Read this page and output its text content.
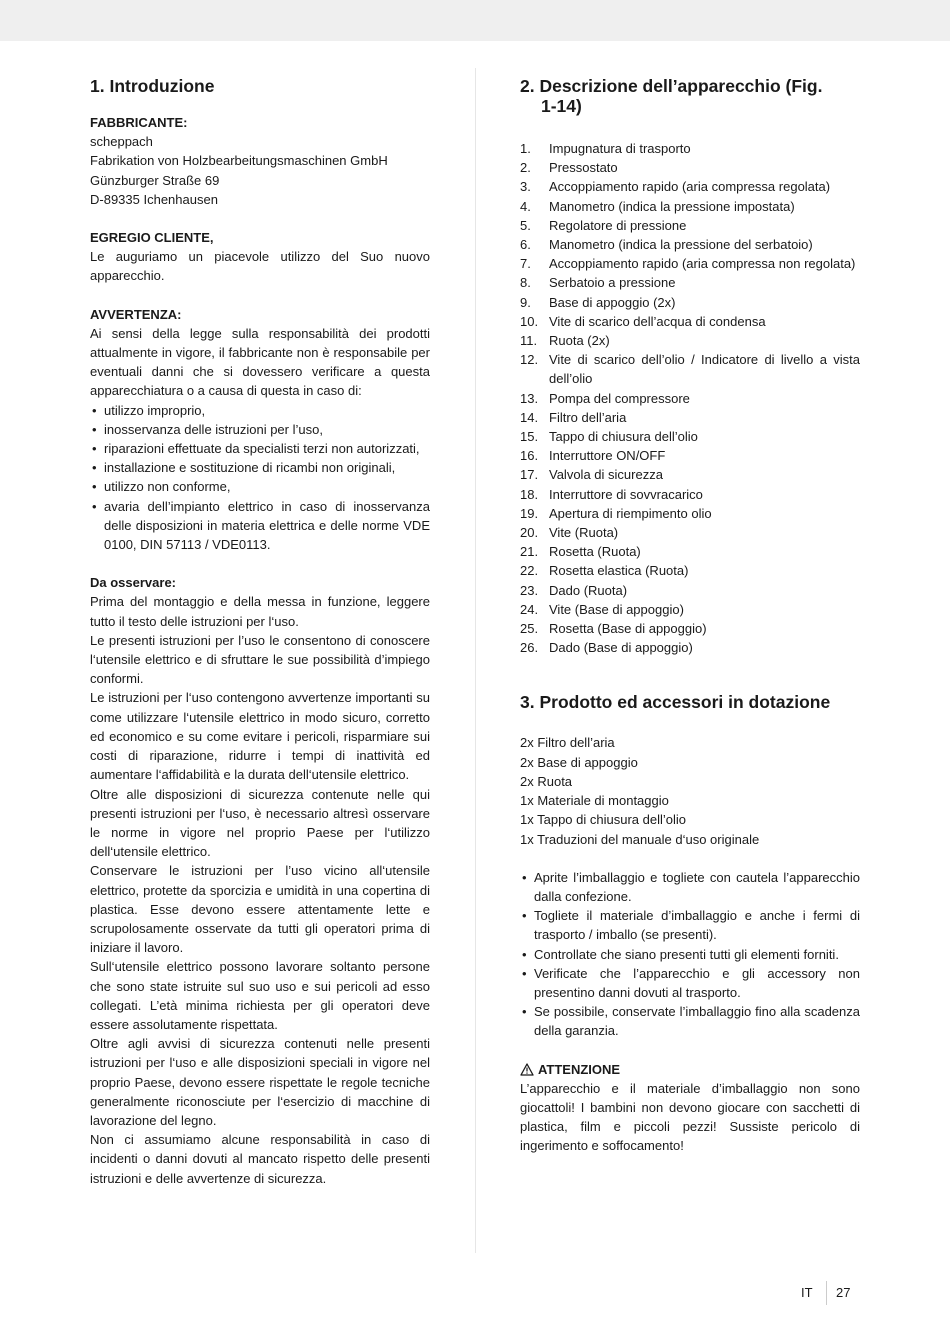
1. Introduzione
FABBRICANTE:
scheppach
Fabrikation von Holzbearbeitungsmaschinen GmbH
Günzburger Straße 69
D-89335 Ichenhausen
EGREGIO CLIENTE,

Le auguriamo un piacevole utilizzo del Suo nuovo apparecchio.

AVVERTENZA:

Ai sensi della legge sulla responsabilità dei prodotti attualmente in vigore, il fabbricante non è responsabile per eventuali danni che si dovessero verificare a questa apparecchiatura o a causa di questa in caso di:

• utilizzo improprio,
• inosservanza delle istruzioni per l’uso,
• riparazioni effettuate da specialisti terzi non autorizzati,
• installazione e sostituzione di ricambi non originali,
• utilizzo non conforme,
• avaria dell’impianto elettrico in caso di inosservanza delle disposizioni in materia elettrica e delle norme VDE 0100, DIN 57113 / VDE0113.
Da osservare:

Prima del montaggio e della messa in funzione, leggere tutto il testo delle istruzioni per l‘uso.

Le presenti istruzioni per l’uso le consentono di conoscere l‘utensile elettrico e di sfruttare le sue possibilità d’impiego conformi.

Le istruzioni per l‘uso contengono avvertenze importanti su come utilizzare l‘utensile elettrico in modo sicuro, corretto ed economico e su come evitare i pericoli, risparmiare sui costi di riparazione, ridurre i tempi di inattività ed aumentare l‘affidabilità e la durata dell‘utensile elettrico.

Oltre alle disposizioni di sicurezza contenute nelle qui presenti istruzioni per l‘uso, è necessario altresì osservare le norme in vigore nel proprio Paese per l‘utilizzo dell‘utensile elettrico.

Conservare le istruzioni per l’uso vicino all‘utensile elettrico, protette da sporcizia e umidità in una copertina di plastica. Esse devono essere attentamente lette e scrupolosamente osservate da tutti gli operatori prima di iniziare il lavoro.

Sull‘utensile elettrico possono lavorare soltanto persone che sono state istruite sul suo uso e sui pericoli ad esso collegati. L’età minima richiesta per gli operatori deve essere assolutamente rispettata.

Oltre agli avvisi di sicurezza contenuti nelle presenti istruzioni per l‘uso e alle disposizioni speciali in vigore nel proprio Paese, devono essere rispettate le regole tecniche generalmente riconosciute per l‘esercizio di macchine di lavorazione del legno.

Non ci assumiamo alcune responsabilità in caso di incidenti o danni dovuti al mancato rispetto delle presenti istruzioni e delle avvertenze di sicurezza.

2. Descrizione dell’apparecchio (Fig.
1-14)
1. Impugnatura di trasporto
2. Pressostato
3. Accoppiamento rapido (aria compressa regolata)
4. Manometro (indica la pressione impostata)
5. Regolatore di pressione
6. Manometro (indica la pressione del serbatoio)
7. Accoppiamento rapido (aria compressa non regolata)
8. Serbatoio a pressione
9. Base di appoggio (2x)
10. Vite di scarico dell’acqua di condensa
11. Ruota (2x)
12. Vite di scarico dell’olio / Indicatore di livello a vista dell’olio
13. Pompa del compressore
14. Filtro dell’aria
15. Tappo di chiusura dell’olio
16. Interruttore ON/OFF
17. Valvola di sicurezza
18. Interruttore di sovvracarico
19. Apertura di riempimento olio
20. Vite (Ruota)
21. Rosetta (Ruota)
22. Rosetta elastica (Ruota)
23. Dado (Ruota)
24. Vite (Base di appoggio)
25. Rosetta (Base di appoggio)
26. Dado (Base di appoggio)
3. Prodotto ed accessori in dotazione
2x Filtro dell’aria
2x Base di appoggio
2x Ruota
1x Materiale di montaggio
1x Tappo di chiusura dell’olio
1x Traduzioni del manuale d‘uso originale
• Aprite l’imballaggio e togliete con cautela l’apparecchio dalla confezione.
• Togliete il materiale d’imballaggio e anche i fermi di trasporto / imballo (se presenti).
• Controllate che siano presenti tutti gli elementi forniti.
• Verificate che l’apparecchio e gli accessory non presentino danni dovuti al trasporto.
• Se possibile, conservate l’imballaggio fino alla scadenza della garanzia.
ATTENZIONE

L’apparecchio e il materiale d’imballaggio non sono giocattoli! I bambini non devono giocare con sacchetti di plastica, film e piccoli pezzi! Sussiste pericolo di ingerimento e soffocamento!

IT 27
